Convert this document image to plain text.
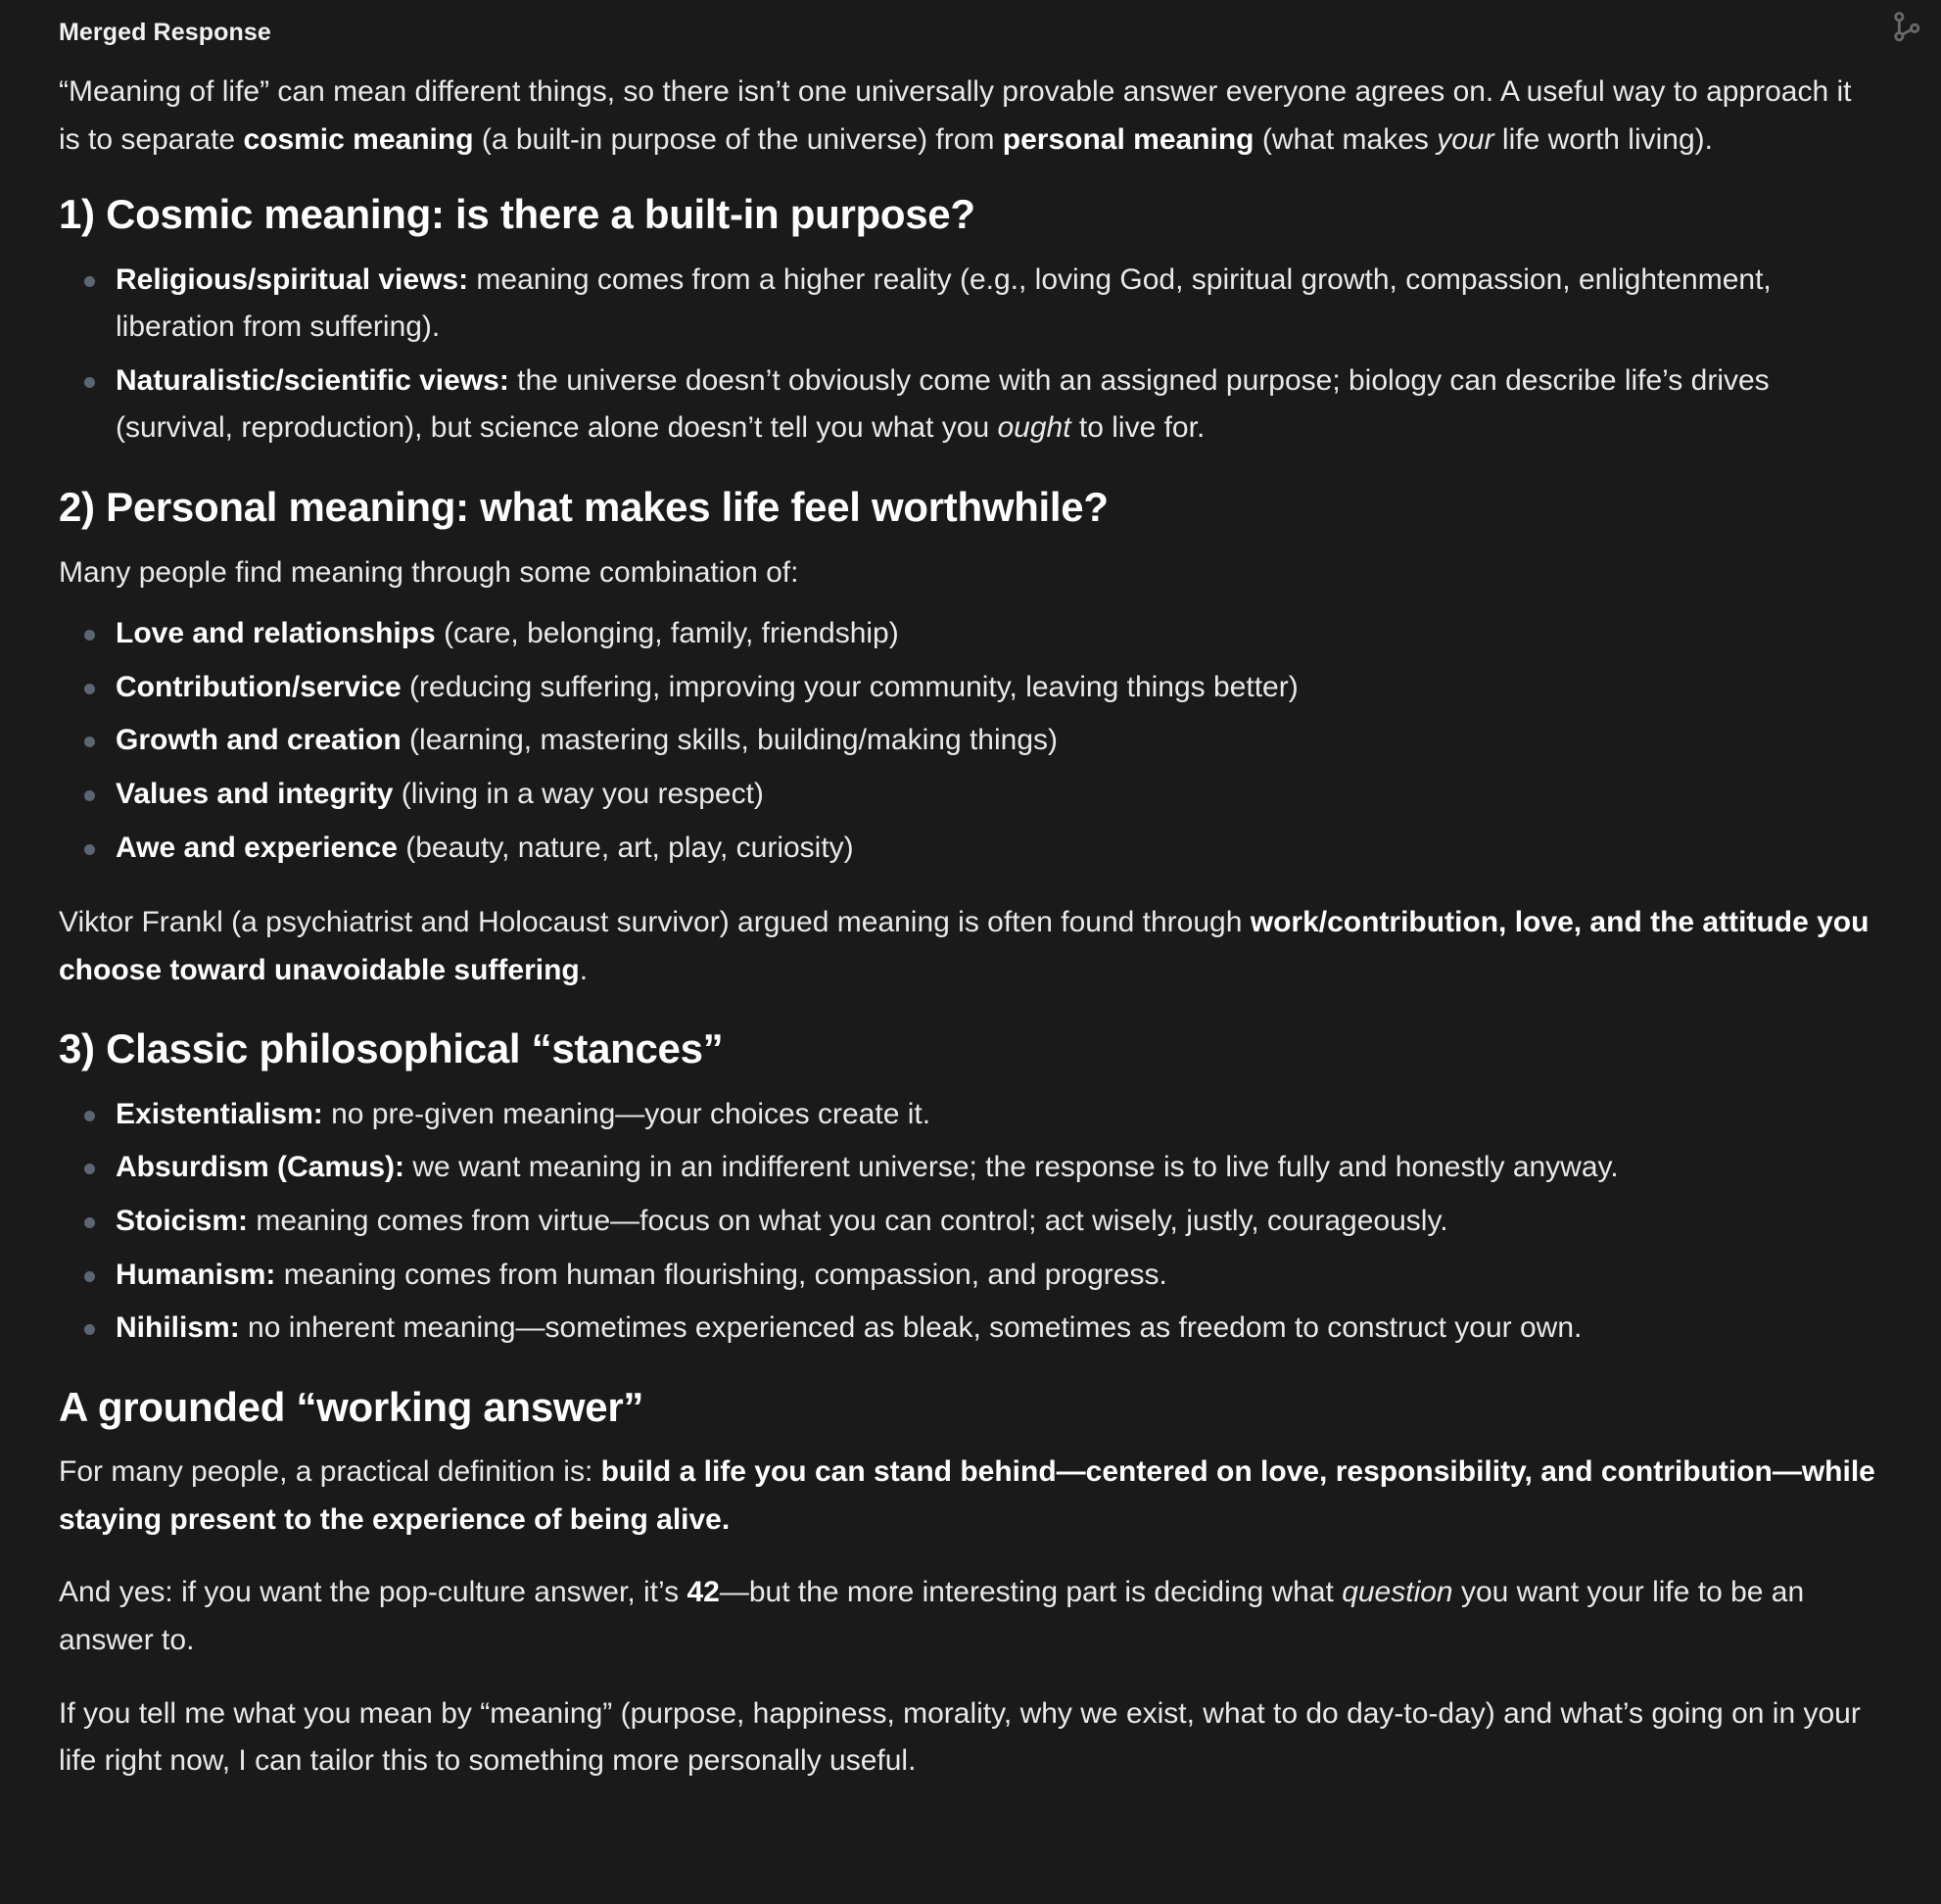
Merged Response

“Meaning of life” can mean different things, so there isn’t one universally provable answer everyone agrees on. A useful way to approach it is to separate cosmic meaning (a built-in purpose of the universe) from personal meaning (what makes your life worth living).

1) Cosmic meaning: is there a built-in purpose?
Religious/spiritual views: meaning comes from a higher reality (e.g., loving God, spiritual growth, compassion, enlightenment, liberation from suffering).
Naturalistic/scientific views: the universe doesn’t obviously come with an assigned purpose; biology can describe life’s drives (survival, reproduction), but science alone doesn’t tell you what you ought to live for.
2) Personal meaning: what makes life feel worthwhile?

Many people find meaning through some combination of:

Love and relationships (care, belonging, family, friendship)
Contribution/service (reducing suffering, improving your community, leaving things better)
Growth and creation (learning, mastering skills, building/making things)
Values and integrity (living in a way you respect)
Awe and experience (beauty, nature, art, play, curiosity)

Viktor Frankl (a psychiatrist and Holocaust survivor) argued meaning is often found through work/contribution, love, and the attitude you choose toward unavoidable suffering.

3) Classic philosophical “stances”
Existentialism: no pre-given meaning—your choices create it.
Absurdism (Camus): we want meaning in an indifferent universe; the response is to live fully and honestly anyway.
Stoicism: meaning comes from virtue—focus on what you can control; act wisely, justly, courageously.
Humanism: meaning comes from human flourishing, compassion, and progress.
Nihilism: no inherent meaning—sometimes experienced as bleak, sometimes as freedom to construct your own.
A grounded “working answer”

For many people, a practical definition is: build a life you can stand behind—centered on love, responsibility, and contribution—while staying present to the experience of being alive.

And yes: if you want the pop-culture answer, it’s 42—but the more interesting part is deciding what question you want your life to be an answer to.

If you tell me what you mean by “meaning” (purpose, happiness, morality, why we exist, what to do day-to-day) and what’s going on in your life right now, I can tailor this to something more personally useful.
